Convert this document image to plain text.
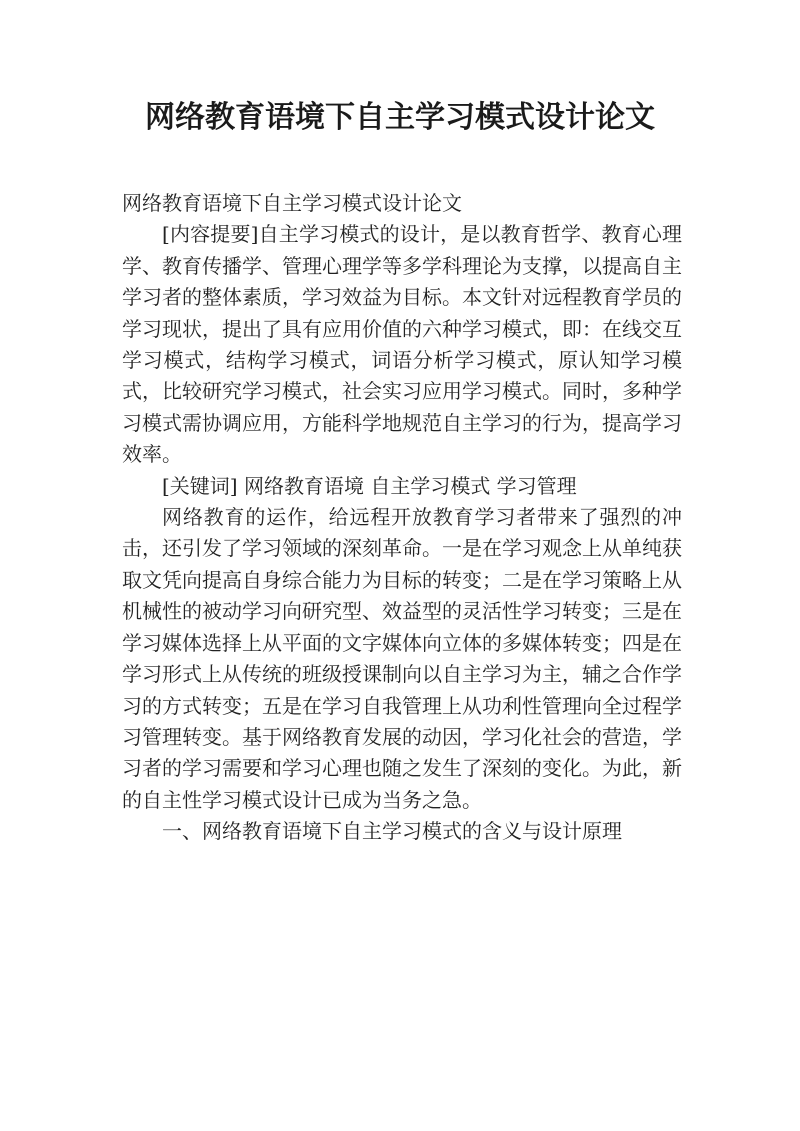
网络教育语境下自主学习模式设计论文

网络教育语境下自主学习模式设计论文

[内容提要]自主学习模式的设计，是以教育哲学、教育心理学、教育传播学、管理心理学等多学科理论为支撑，以提高自主学习者的整体素质，学习效益为目标。本文针对远程教育学员的学习现状，提出了具有应用价值的六种学习模式，即：在线交互学习模式，结构学习模式，词语分析学习模式，原认知学习模式，比较研究学习模式，社会实习应用学习模式。同时，多种学习模式需协调应用，方能科学地规范自主学习的行为，提高学习效率。

[关键词] 网络教育语境 自主学习模式 学习管理

网络教育的运作，给远程开放教育学习者带来了强烈的冲击，还引发了学习领域的深刻革命。一是在学习观念上从单纯获取文凭向提高自身综合能力为目标的转变；二是在学习策略上从机械性的被动学习向研究型、效益型的灵活性学习转变；三是在学习媒体选择上从平面的文字媒体向立体的多媒体转变；四是在学习形式上从传统的班级授课制向以自主学习为主，辅之合作学习的方式转变；五是在学习自我管理上从功利性管理向全过程学习管理转变。基于网络教育发展的动因，学习化社会的营造，学习者的学习需要和学习心理也随之发生了深刻的变化。为此，新的自主性学习模式设计已成为当务之急。

一、网络教育语境下自主学习模式的含义与设计原理
